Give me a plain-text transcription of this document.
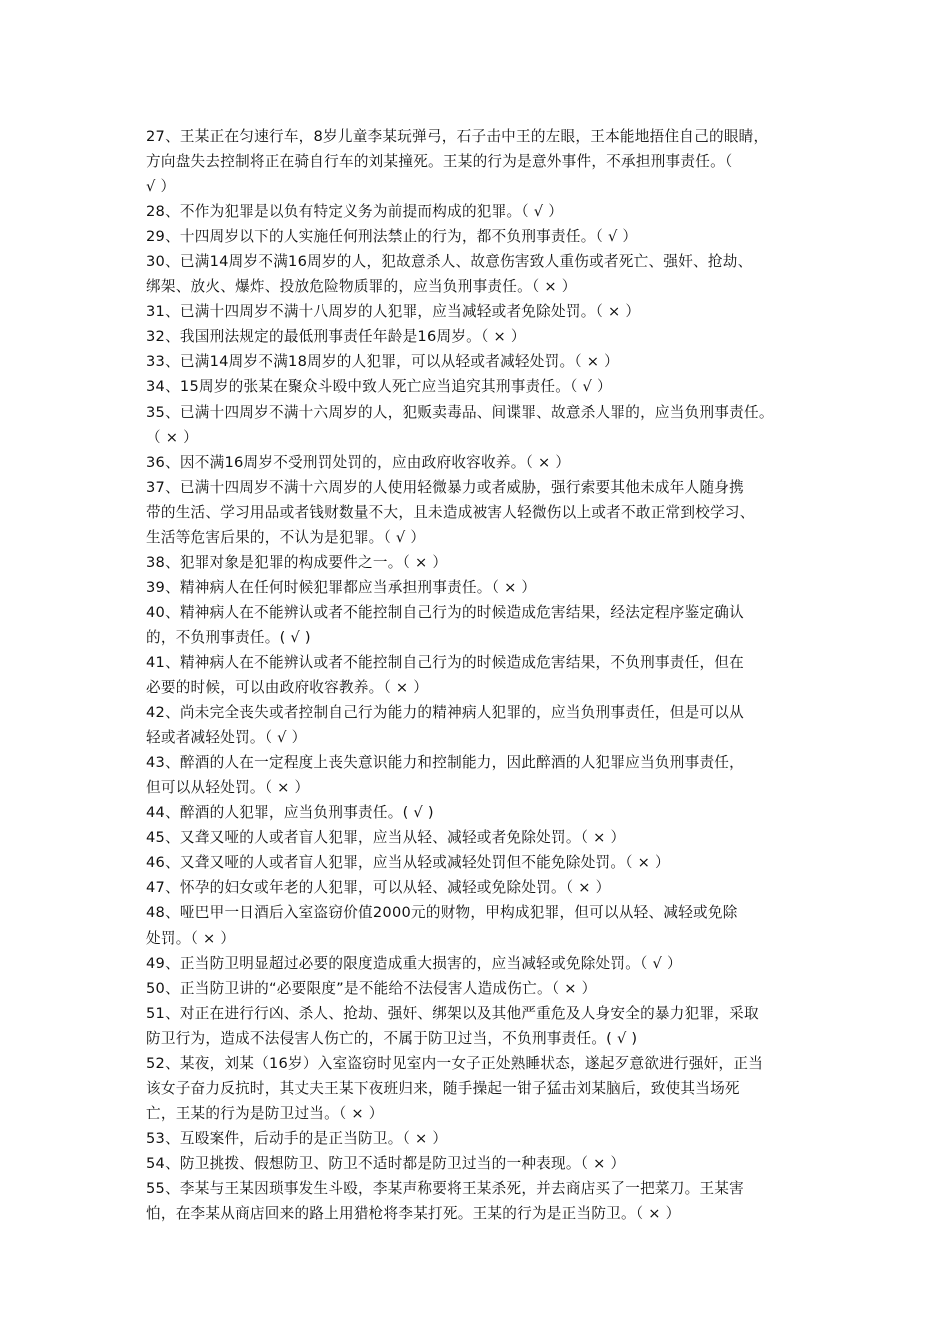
27、王某正在匀速行车，8岁儿童李某玩弹弓，石子击中王的左眼，王本能地捂住自己的眼睛，
方向盘失去控制将正在骑自行车的刘某撞死。王某的行为是意外事件，不承担刑事责任。（
√ ）
28、不作为犯罪是以负有特定义务为前提而构成的犯罪。（ √ ）
29、十四周岁以下的人实施任何刑法禁止的行为，都不负刑事责任。（ √ ）
30、已满14周岁不满16周岁的人，犯故意杀人、故意伤害致人重伤或者死亡、强奸、抢劫、
绑架、放火、爆炸、投放危险物质罪的，应当负刑事责任。（ × ）
31、已满十四周岁不满十八周岁的人犯罪，应当减轻或者免除处罚。（ × ）
32、我国刑法规定的最低刑事责任年龄是16周岁。（ × ）
33、已满14周岁不满18周岁的人犯罪，可以从轻或者减轻处罚。（ × ）
34、15周岁的张某在聚众斗殴中致人死亡应当追究其刑事责任。（ √ ）
35、已满十四周岁不满十六周岁的人，犯贩卖毒品、间谍罪、故意杀人罪的，应当负刑事责任。
（ × ）
36、因不满16周岁不受刑罚处罚的，应由政府收容收养。（ × ）
37、已满十四周岁不满十六周岁的人使用轻微暴力或者威胁，强行索要其他未成年人随身携
带的生活、学习用品或者钱财数量不大，且未造成被害人轻微伤以上或者不敢正常到校学习、
生活等危害后果的，不认为是犯罪。（ √ ）
38、犯罪对象是犯罪的构成要件之一。（ × ）
39、精神病人在任何时候犯罪都应当承担刑事责任。（ × ）
40、精神病人在不能辨认或者不能控制自己行为的时候造成危害结果，经法定程序鉴定确认
的，不负刑事责任。( √ )
41、精神病人在不能辨认或者不能控制自己行为的时候造成危害结果，不负刑事责任，但在
必要的时候，可以由政府收容教养。（ × ）
42、尚未完全丧失或者控制自己行为能力的精神病人犯罪的，应当负刑事责任，但是可以从
轻或者减轻处罚。（ √ ）
43、醉酒的人在一定程度上丧失意识能力和控制能力，因此醉酒的人犯罪应当负刑事责任，
但可以从轻处罚。（ × ）
44、醉酒的人犯罪，应当负刑事责任。( √ )
45、又聋又哑的人或者盲人犯罪，应当从轻、减轻或者免除处罚。（ × ）
46、又聋又哑的人或者盲人犯罪，应当从轻或减轻处罚但不能免除处罚。（ × ）
47、怀孕的妇女或年老的人犯罪，可以从轻、减轻或免除处罚。（ × ）
48、哑巴甲一日酒后入室盗窃价值2000元的财物，甲构成犯罪，但可以从轻、减轻或免除
处罚。（ × ）
49、正当防卫明显超过必要的限度造成重大损害的，应当减轻或免除处罚。（ √ ）
50、正当防卫讲的“必要限度”是不能给不法侵害人造成伤亡。（ × ）
51、对正在进行行凶、杀人、抢劫、强奸、绑架以及其他严重危及人身安全的暴力犯罪，采取
防卫行为，造成不法侵害人伤亡的，不属于防卫过当，不负刑事责任。( √ )
52、某夜，刘某（16岁）入室盗窃时见室内一女子正处熟睡状态，遂起歹意欲进行强奸，正当
该女子奋力反抗时，其丈夫王某下夜班归来，随手操起一钳子猛击刘某脑后，致使其当场死
亡，王某的行为是防卫过当。（ × ）
53、互殴案件，后动手的是正当防卫。（ × ）
54、防卫挑拨、假想防卫、防卫不适时都是防卫过当的一种表现。（ × ）
55、李某与王某因琐事发生斗殴，李某声称要将王某杀死，并去商店买了一把菜刀。王某害
怕，在李某从商店回来的路上用猎枪将李某打死。王某的行为是正当防卫。（ × ）
